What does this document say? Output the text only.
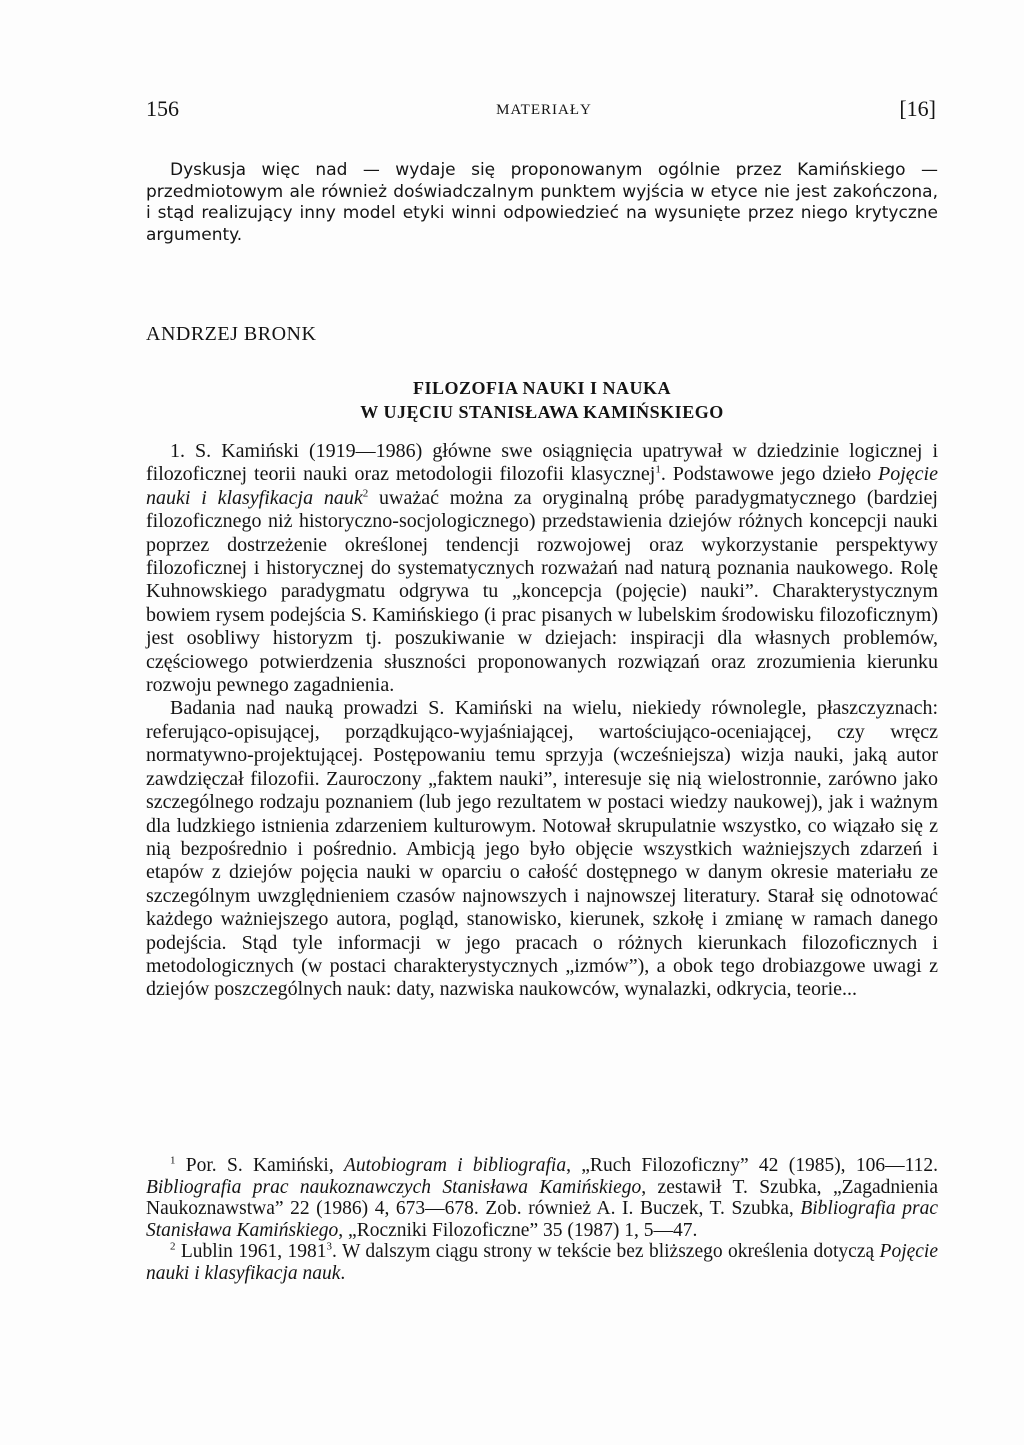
156	MATERIAŁY	[16]

Dyskusja więc nad — wydaje się proponowanym ogólnie przez Kamińskiego — przedmiotowym ale również doświadczalnym punktem wyjścia w etyce nie jest zakończona, i stąd realizujący inny model etyki winni odpowiedzieć na wysunięte przez niego krytyczne argumenty.

ANDRZEJ BRONK
FILOZOFIA NAUKI I NAUKA
W UJĘCIU STANISŁAWA KAMIŃSKIEGO

1. S. Kamiński (1919—1986) główne swe osiągnięcia upatrywał w dziedzinie logicznej i filozoficznej teorii nauki oraz metodologii filozofii klasycznej$^1$. Podstawowe jego dzieło Pojęcie nauki i klasyfikacja nauk$^2$ uważać można za oryginalną próbę paradygmatycznego (bardziej filozoficznego niż historyczno-socjologicznego) przedstawienia dziejów różnych koncepcji nauki poprzez dostrzeżenie określonej tendencji rozwojowej oraz wykorzystanie perspektywy filozoficznej i historycznej do systematycznych rozważań nad naturą poznania naukowego. Rolę Kuhnowskiego paradygmatu odgrywa tu „koncepcja (pojęcie) nauki”. Charakterystycznym bowiem rysem podejścia S. Kamińskiego (i prac pisanych w lubelskim środowisku filozoficznym) jest osobliwy historyzm tj. poszukiwanie w dziejach: inspiracji dla własnych problemów, częściowego potwierdzenia słuszności proponowanych rozwiązań oraz zrozumienia kierunku rozwoju pewnego zagadnienia.

Badania nad nauką prowadzi S. Kamiński na wielu, niekiedy równolegle, płaszczyznach: referująco-opisującej, porządkująco-wyjaśniającej, wartościująco-oceniającej, czy wręcz normatywno-projektującej. Postępowaniu temu sprzyja (wcześniejsza) wizja nauki, jaką autor zawdzięczał filozofii. Zauroczony „faktem nauki”, interesuje się nią wielostronnie, zarówno jako szczególnego rodzaju poznaniem (lub jego rezultatem w postaci wiedzy naukowej), jak i ważnym dla ludzkiego istnienia zdarzeniem kulturowym. Notował skrupulatnie wszystko, co wiązało się z nią bezpośrednio i pośrednio. Ambicją jego było objęcie wszystkich ważniejszych zdarzeń i etapów z dziejów pojęcia nauki w oparciu o całość dostępnego w danym okresie materiału ze szczególnym uwzględnieniem czasów najnowszych i najnowszej literatury. Starał się odnotować każdego ważniejszego autora, pogląd, stanowisko, kierunek, szkołę i zmianę w ramach danego podejścia. Stąd tyle informacji w jego pracach o różnych kierunkach filozoficznych i metodologicznych (w postaci charakterystycznych „izmów”), a obok tego drobiazgowe uwagi z dziejów poszczególnych nauk: daty, nazwiska naukowców, wynalazki, odkrycia, teorie...

$^1$ Por. S. Kamiński, Autobiogram i bibliografia, „Ruch Filozoficzny” 42 (1985), 106—112. Bibliografia prac naukoznawczych Stanisława Kamińskiego, zestawił T. Szubka, „Zagadnienia Naukoznawstwa” 22 (1986) 4, 673—678. Zob. również A. I. Buczek, T. Szubka, Bibliografia prac Stanisława Kamińskiego, „Roczniki Filozoficzne” 35 (1987) 1, 5—47.

$^2$ Lublin 1961, 1981$^3$. W dalszym ciągu strony w tekście bez bliższego określenia dotyczą Pojęcie nauki i klasyfikacja nauk.
